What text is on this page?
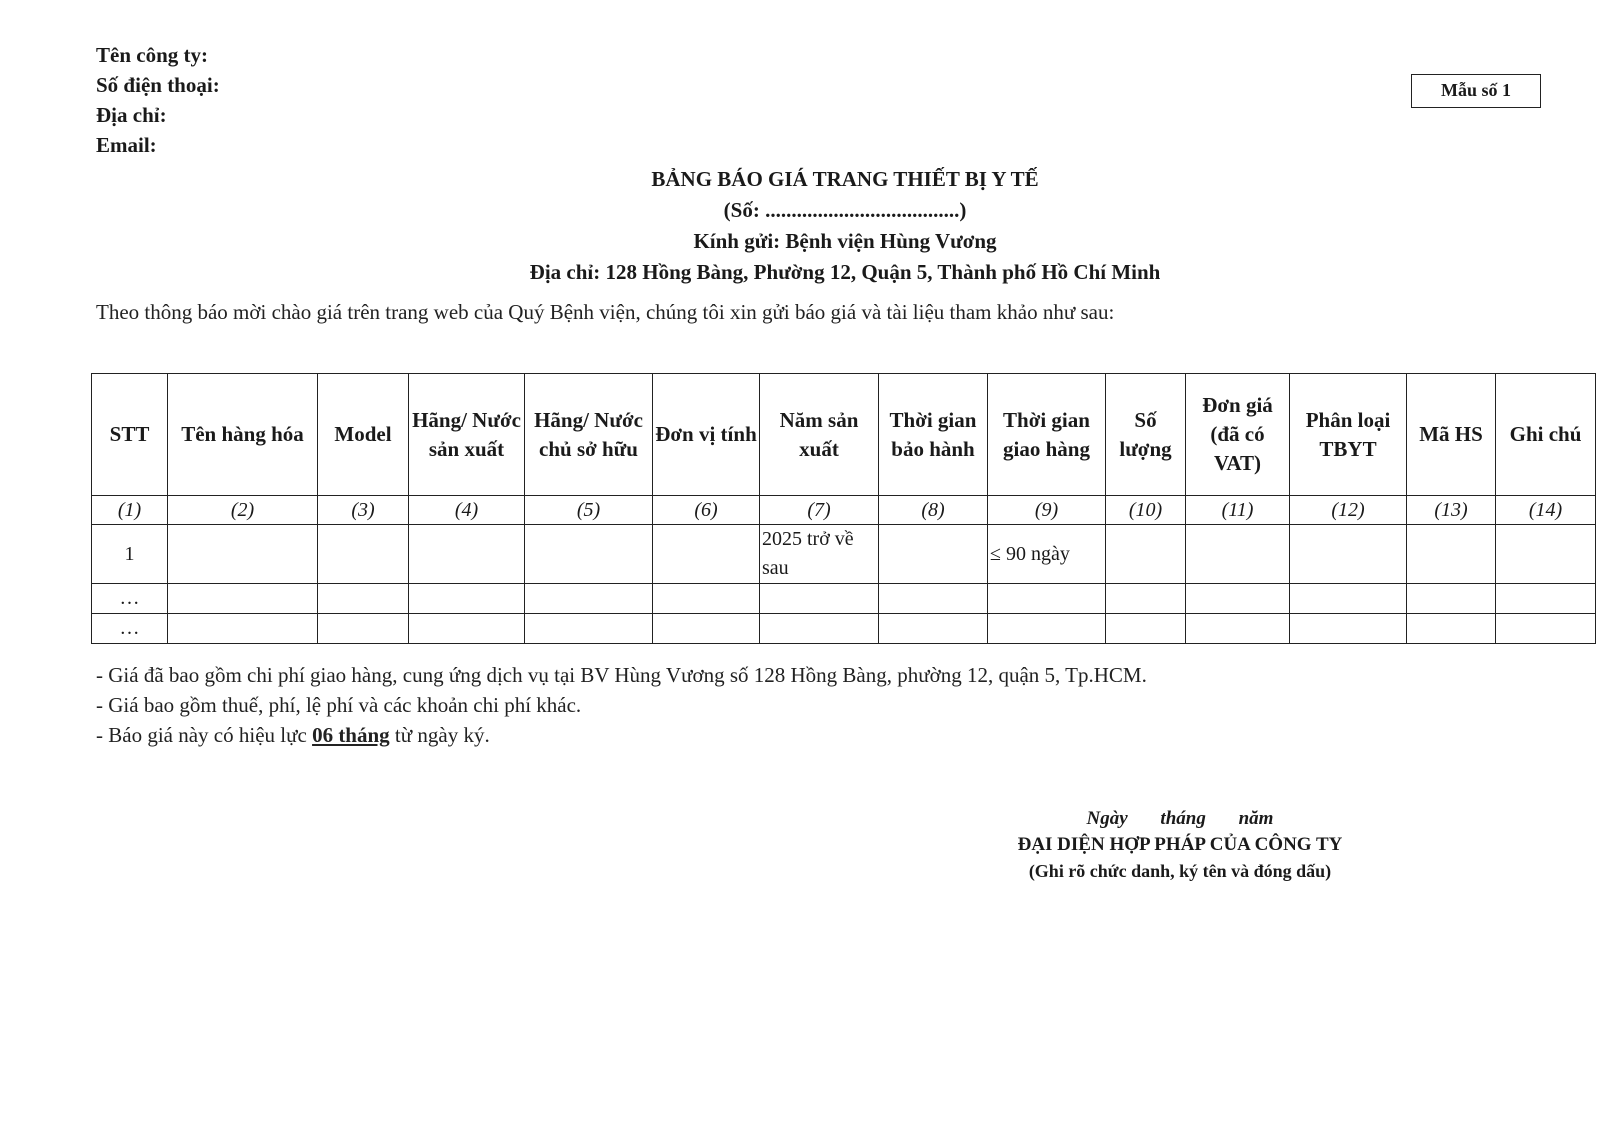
Tên công ty:
Số điện thoại:
Địa chỉ:
Email:
Mẫu số 1
BẢNG BÁO GIÁ TRANG THIẾT BỊ Y TẾ
(Số: .....................................)
Kính gửi: Bệnh viện Hùng Vương
Địa chỉ: 128 Hồng Bàng, Phường 12, Quận 5, Thành phố Hồ Chí Minh
Theo thông báo mời chào giá trên trang web của Quý Bệnh viện, chúng tôi xin gửi báo giá và tài liệu tham khảo như sau:
STT	Tên hàng hóa	Model	Hãng/ Nước sản xuất	Hãng/ Nước chủ sở hữu	Đơn vị tính	Năm sản xuất	Thời gian bảo hành	Thời gian giao hàng	Số lượng	Đơn giá (đã có VAT)	Phân loại TBYT	Mã HS	Ghi chú
(1)	(2)	(3)	(4)	(5)	(6)	(7)	(8)	(9)	(10)	(11)	(12)	(13)	(14)
1						2025 trở về sau		≤ 90 ngày					
…													
…													
- Giá đã bao gồm chi phí giao hàng, cung ứng dịch vụ tại BV Hùng Vương số 128 Hồng Bàng, phường 12, quận 5, Tp.HCM.
- Giá bao gồm thuế, phí, lệ phí và các khoản chi phí khác.
- Báo giá này có hiệu lực 06 tháng từ ngày ký.
Ngày tháng năm
ĐẠI DIỆN HỢP PHÁP CỦA CÔNG TY
(Ghi rõ chức danh, ký tên và đóng dấu)
